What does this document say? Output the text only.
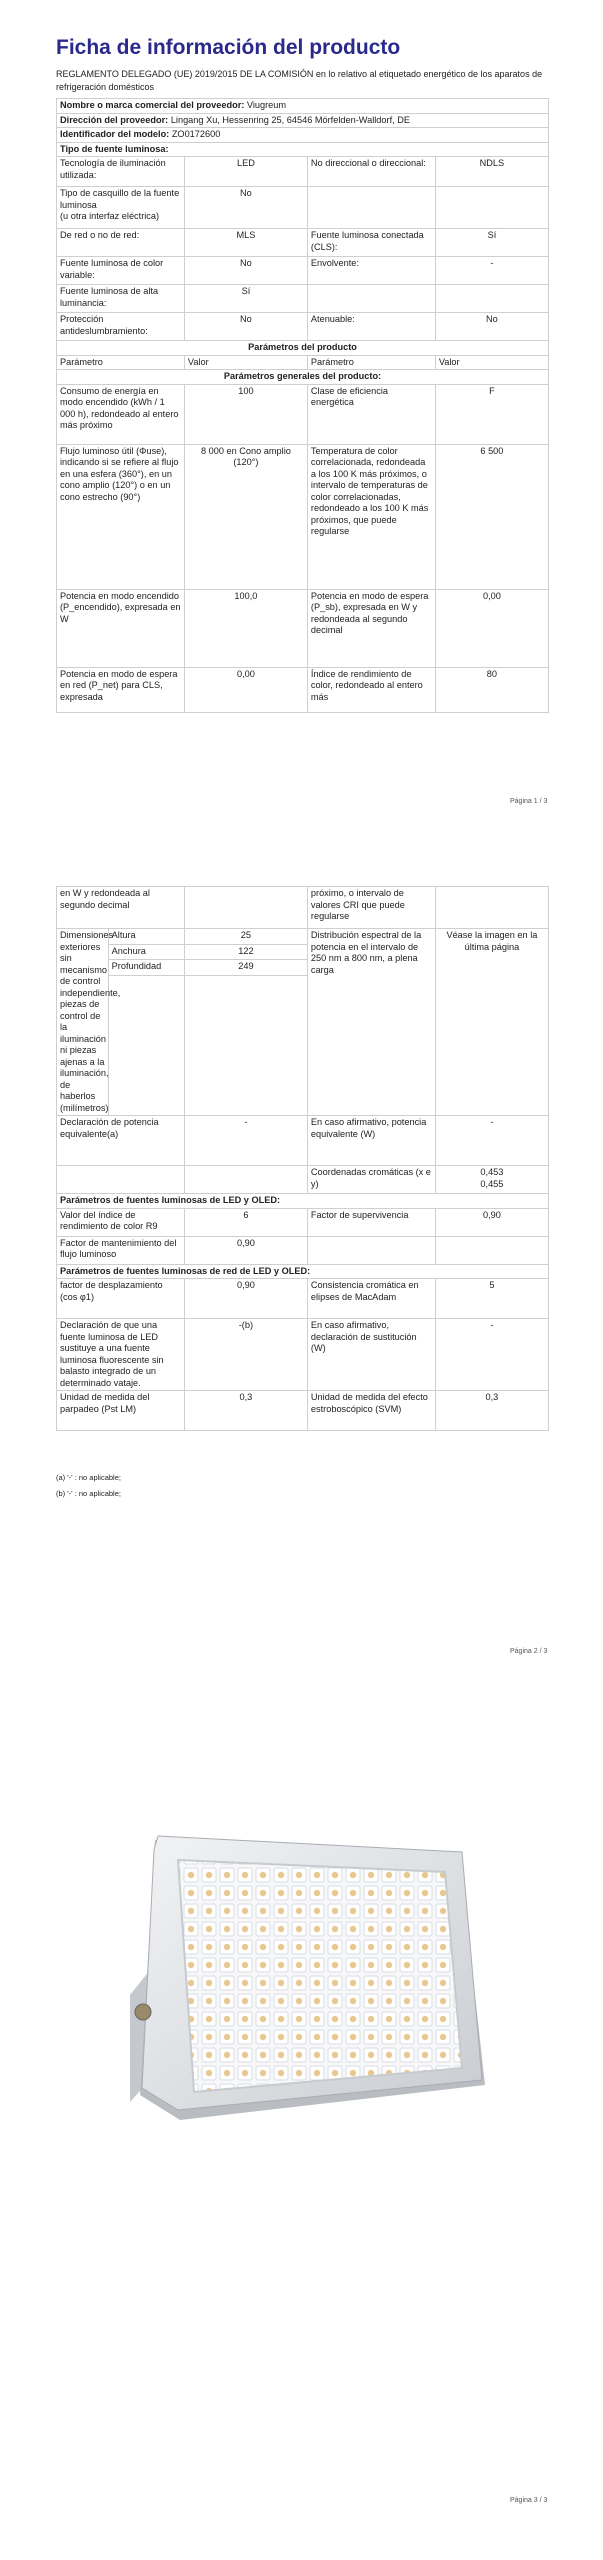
Ficha de información del producto
REGLAMENTO DELEGADO (UE) 2019/2015 DE LA COMISIÓN en lo relativo al etiquetado energético de los aparatos de refrigeración domésticos
Nombre o marca comercial del proveedor: Viugreum			
Dirección del proveedor: Lingang Xu, Hessenring 25, 64546 Mörfelden-Walldorf, DE			
Identificador del modelo: ZO0172600			
Tipo de fuente luminosa:			
Tecnología de iluminación utilizada:	LED	No direccional o direccional:	NDLS
Tipo de casquillo de la fuente luminosa
(u otra interfaz eléctrica)	No		
De red o no de red:	MLS	Fuente luminosa conectada (CLS):	Sí
Fuente luminosa de color variable:	No	Envolvente:	-
Fuente luminosa de alta luminancia:	Sí		
Protección antideslumbramiento:	No	Atenuable:	No
Parámetros del producto			
Parámetro	Valor	Parámetro	Valor
Parámetros generales del producto:			
Consumo de energía en modo encendido (kWh / 1 000 h), redondeado al entero más próximo	100	Clase de eficiencia energética	F
Flujo luminoso útil (Φuse), indicando si se refiere al flujo en una esfera (360°), en un cono amplio (120°) o en un cono estrecho (90°)	8 000 en Cono amplio (120°)	Temperatura de color correlacionada, redondeada a los 100 K más próximos, o intervalo de temperaturas de color correlacionadas, redondeado a los 100 K más próximos, que puede regularse	6 500
Potencia en modo encendido (P_encendido), expresada en W	100,0	Potencia en modo de espera (P_sb), expresada en W y redondeada al segundo decimal	0,00
Potencia en modo de espera en red (P_net) para CLS, expresada	0,00	Índice de rendimiento de color, redondeado al entero más	80
Página 1 / 3
en W y redondeada al segundo decimal			próximo, o intervalo de valores CRI que puede regularse	
Dimensiones exteriores sin mecanismo de control independiente, piezas de control de la iluminación ni piezas ajenas a la iluminación, de haberlos (milímetros)	Altura	25	Distribución espectral de la potencia en el intervalo de 250 nm a 800 nm, a plena carga	Véase la imagen en la última página
	Anchura	122		
	Profundidad	249		

Declaración de potencia equivalente(a)		-	En caso afirmativo, potencia equivalente (W)	-
			Coordenadas cromáticas (x e y)	0,453
0,455
Parámetros de fuentes luminosas de LED y OLED:				
Valor del índice de rendimiento de color R9		6	Factor de supervivencia	0,90
Factor de mantenimiento del flujo luminoso		0,90		
Parámetros de fuentes luminosas de red de LED y OLED:				
factor de desplazamiento (cos φ1)		0,90	Consistencia cromática en elipses de MacAdam	5
Declaración de que una fuente luminosa de LED sustituye a una fuente luminosa fluorescente sin balasto integrado de un determinado vataje.		-(b)	En caso afirmativo, declaración de sustitución (W)	-
Unidad de medida del parpadeo (Pst LM)		0,3	Unidad de medida del efecto estroboscópico (SVM)	0,3
(a) '-' : no aplicable;
(b) '-' : no aplicable;
Página 2 / 3
Página 3 / 3
